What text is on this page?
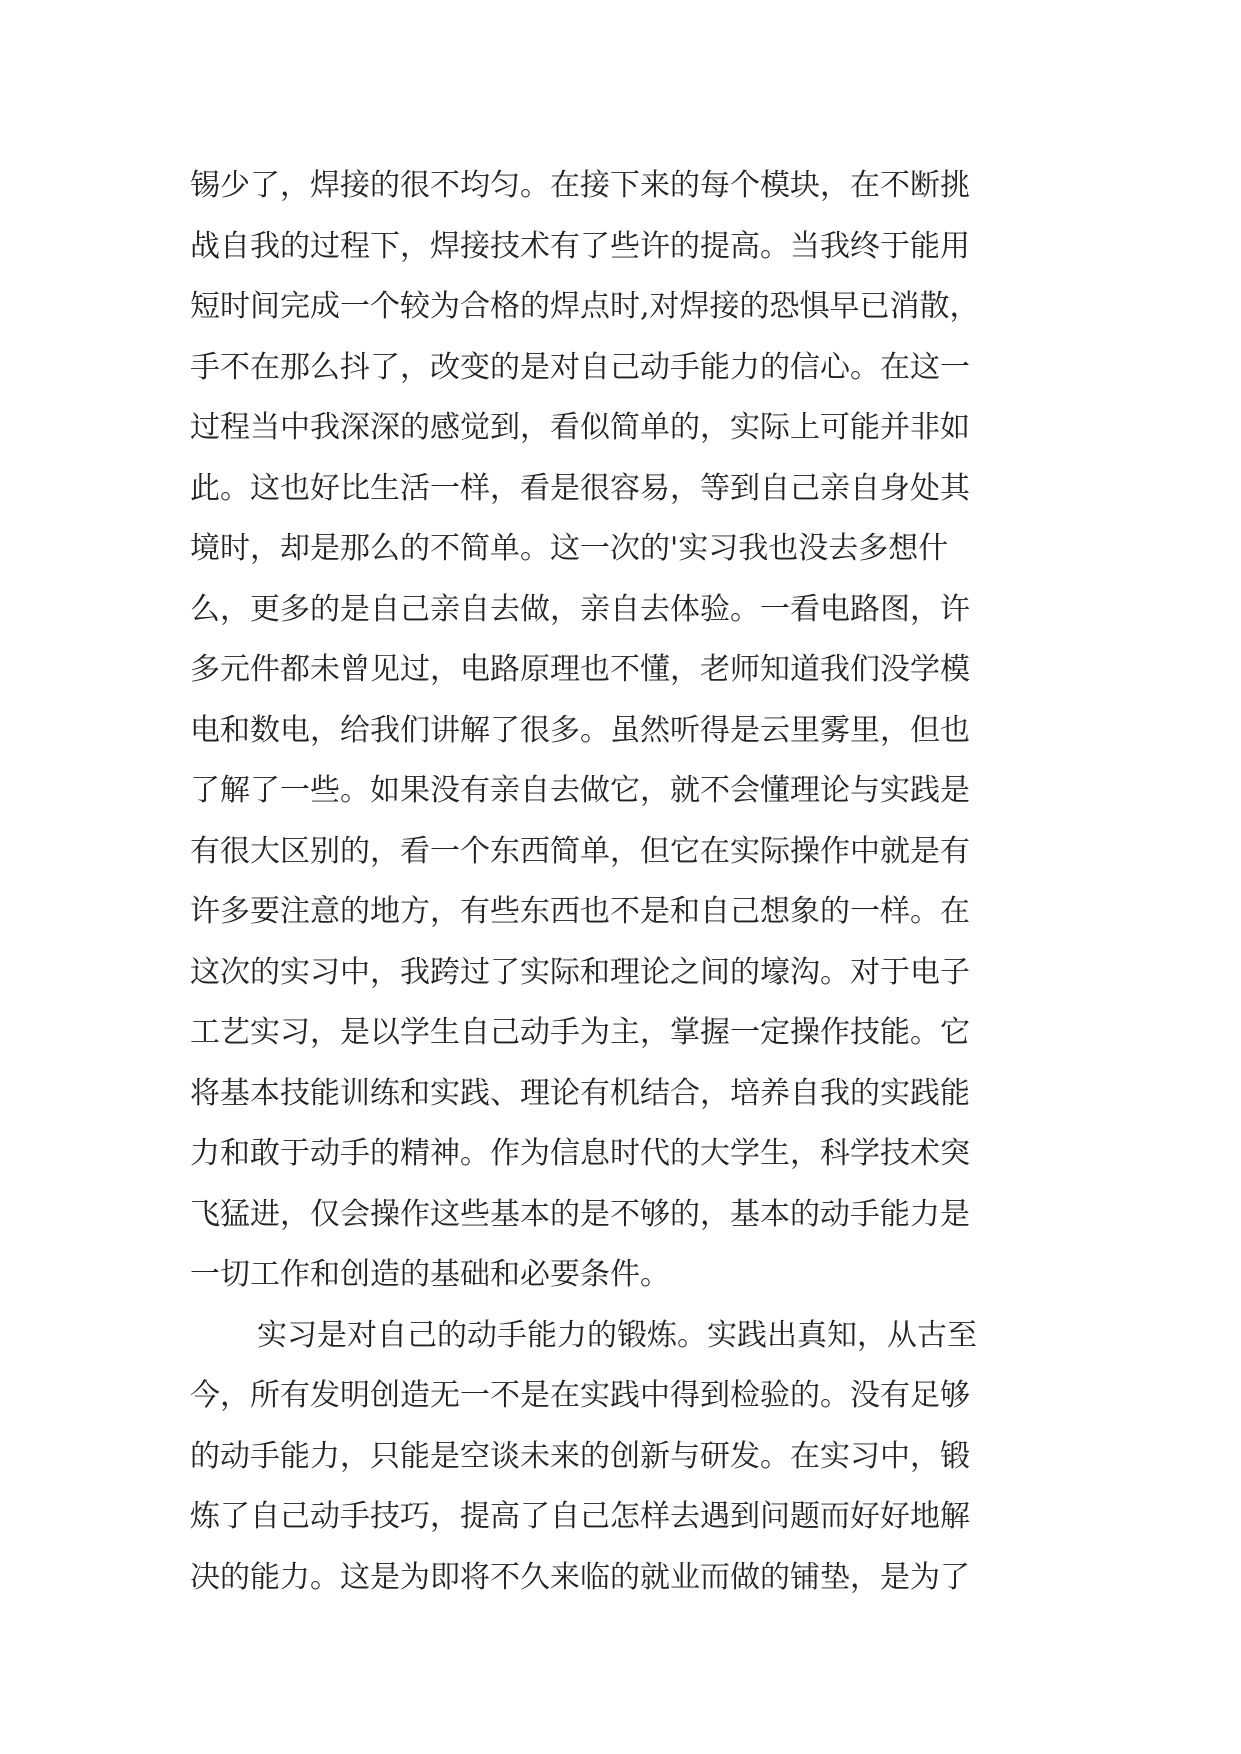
锡少了，焊接的很不均匀。在接下来的每个模块，在不断挑
战自我的过程下，焊接技术有了些许的提高。当我终于能用
短时间完成一个较为合格的焊点时,对焊接的恐惧早已消散，
手不在那么抖了，改变的是对自己动手能力的信心。在这一
过程当中我深深的感觉到，看似简单的，实际上可能并非如
此。这也好比生活一样，看是很容易，等到自己亲自身处其
境时，却是那么的不简单。这一次的'实习我也没去多想什
么，更多的是自己亲自去做，亲自去体验。一看电路图，许
多元件都未曾见过，电路原理也不懂，老师知道我们没学模
电和数电，给我们讲解了很多。虽然听得是云里雾里，但也
了解了一些。如果没有亲自去做它，就不会懂理论与实践是
有很大区别的，看一个东西简单，但它在实际操作中就是有
许多要注意的地方，有些东西也不是和自己想象的一样。在
这次的实习中，我跨过了实际和理论之间的壕沟。对于电子
工艺实习，是以学生自己动手为主，掌握一定操作技能。它
将基本技能训练和实践、理论有机结合，培养自我的实践能
力和敢于动手的精神。作为信息时代的大学生，科学技术突
飞猛进，仅会操作这些基本的是不够的，基本的动手能力是
一切工作和创造的基础和必要条件。
实习是对自己的动手能力的锻炼。实践出真知，从古至
今，所有发明创造无一不是在实践中得到检验的。没有足够
的动手能力，只能是空谈未来的创新与研发。在实习中，锻
炼了自己动手技巧，提高了自己怎样去遇到问题而好好地解
决的能力。这是为即将不久来临的就业而做的铺垫，是为了
